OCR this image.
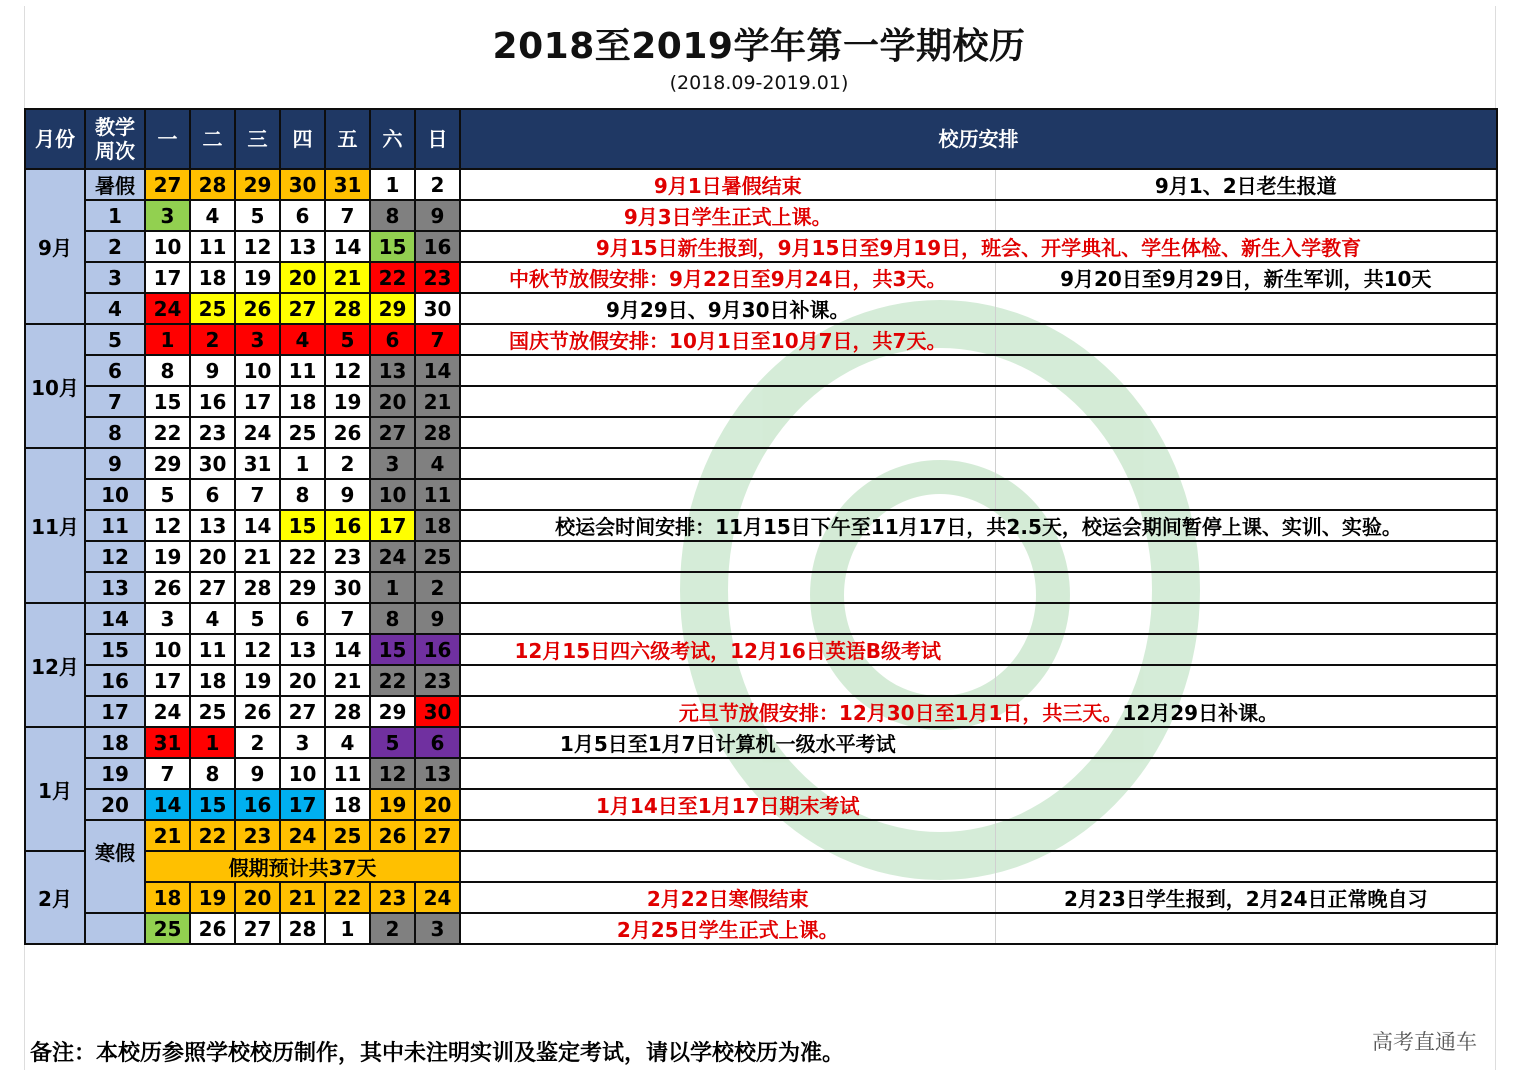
2018至2019学年第一学期校历
(2018.09-2019.01)
月份	教学
周次	一	二	三	四	五	六	日	校历安排	
9月	暑假	27	28	29	30	31	1	2	9月1日暑假结束	9月1、2日老生报道
	1	3	4	5	6	7	8	9	9月3日学生正式上课。	
	2	10	11	12	13	14	15	16	9月15日新生报到，9月15日至9月19日，班会、开学典礼、学生体检、新生入学教育	
	3	17	18	19	20	21	22	23	中秋节放假安排：9月22日至9月24日，共3天。	9月20日至9月29日，新生军训，共10天
	4	24	25	26	27	28	29	30	9月29日、9月30日补课。	
10月	5	1	2	3	4	5	6	7	国庆节放假安排：10月1日至10月7日，共7天。	
	6	8	9	10	11	12	13	14		
	7	15	16	17	18	19	20	21		
	8	22	23	24	25	26	27	28		
11月	9	29	30	31	1	2	3	4		
	10	5	6	7	8	9	10	11		
	11	12	13	14	15	16	17	18	校运会时间安排：11月15日下午至11月17日，共2.5天，校运会期间暂停上课、实训、实验。	
	12	19	20	21	22	23	24	25		
	13	26	27	28	29	30	1	2		
12月	14	3	4	5	6	7	8	9		
	15	10	11	12	13	14	15	16	12月15日四六级考试，12月16日英语B级考试	
	16	17	18	19	20	21	22	23		
	17	24	25	26	27	28	29	30	元旦节放假安排：12月30日至1月1日，共三天。12月29日补课。	
1月	18	31	1	2	3	4	5	6	1月5日至1月7日计算机一级水平考试	
	19	7	8	9	10	11	12	13		
	20	14	15	16	17	18	19	20	1月14日至1月17日期末考试	
	寒假	21	22	23	24	25	26	27		
2月		假期预计共37天								
		18	19	20	21	22	23	24	2月22日寒假结束	2月23日学生报到，2月24日正常晚自习
		25	26	27	28	1	2	3	2月25日学生正式上课。	
备注：本校历参照学校校历制作，其中未注明实训及鉴定考试，请以学校校历为准。	高考直通车
